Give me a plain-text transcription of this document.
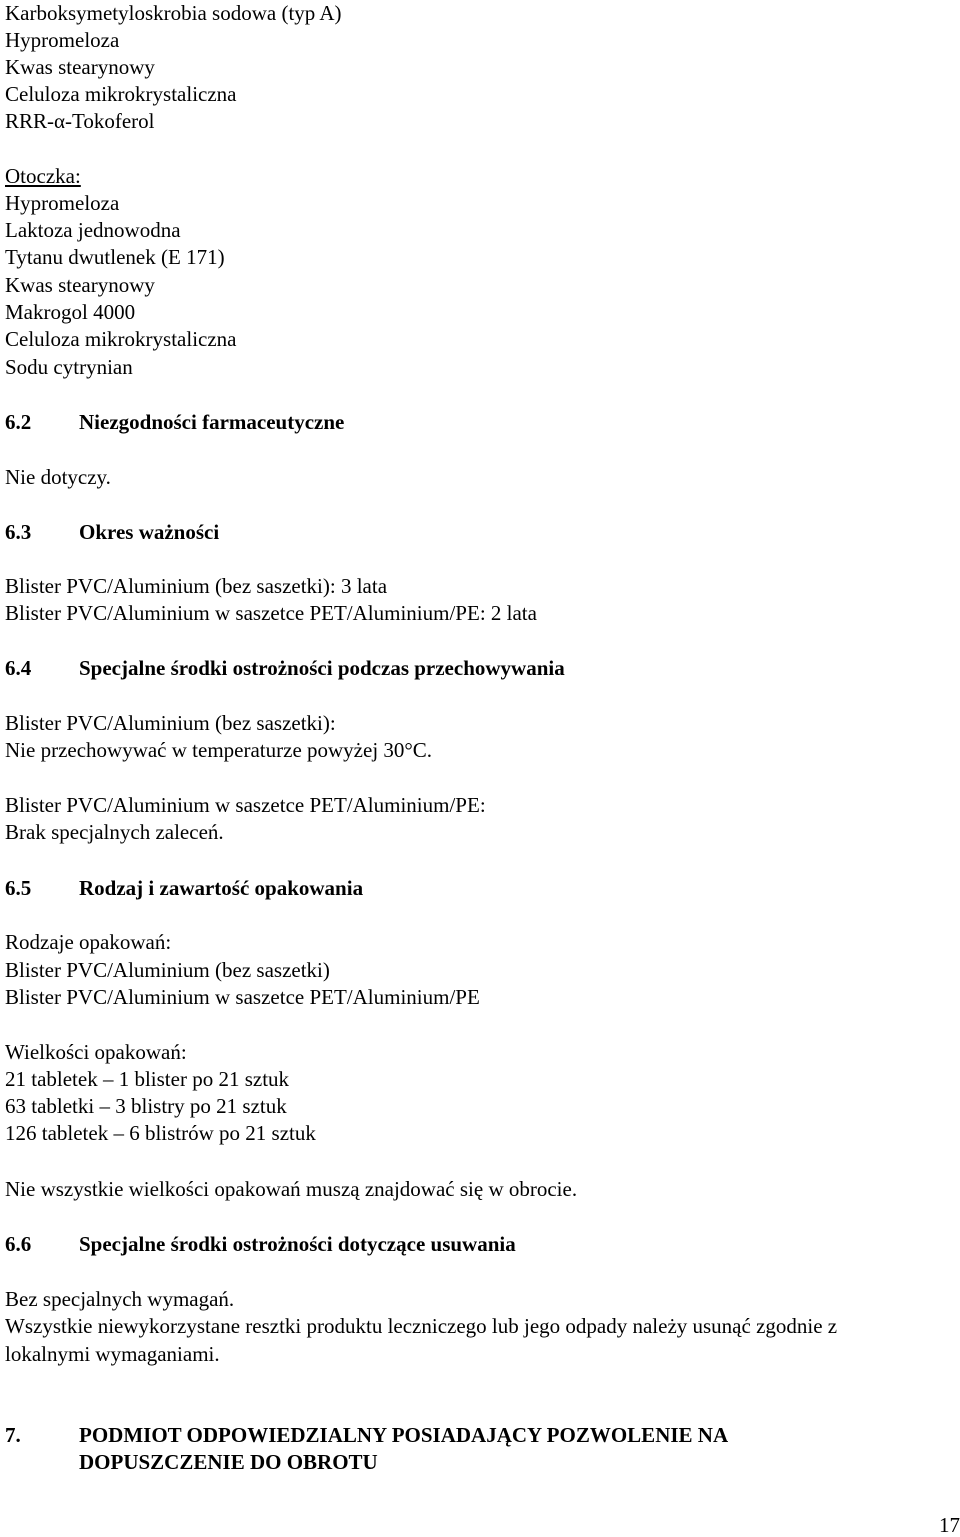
Karboksymetyloskrobia sodowa (typ A)
Hypromeloza
Kwas stearynowy
Celuloza mikrokrystaliczna
RRR-α-Tokoferol
Otoczka:
Hypromeloza
Laktoza jednowodna
Tytanu dwutlenek (E 171)
Kwas stearynowy
Makrogol 4000
Celuloza mikrokrystaliczna
Sodu cytrynian
6.2 Niezgodności farmaceutyczne
Nie dotyczy.
6.3 Okres ważności
Blister PVC/Aluminium (bez saszetki): 3 lata
Blister PVC/Aluminium w saszetce PET/Aluminium/PE: 2 lata
6.4 Specjalne środki ostrożności podczas przechowywania
Blister PVC/Aluminium (bez saszetki):
Nie przechowywać w temperaturze powyżej 30°C.
Blister PVC/Aluminium w saszetce PET/Aluminium/PE:
Brak specjalnych zaleceń.
6.5 Rodzaj i zawartość opakowania
Rodzaje opakowań:
Blister PVC/Aluminium (bez saszetki)
Blister PVC/Aluminium w saszetce PET/Aluminium/PE
Wielkości opakowań:
21 tabletek – 1 blister po 21 sztuk
63 tabletki – 3 blistry po 21 sztuk
126 tabletek – 6 blistrów po 21 sztuk
Nie wszystkie wielkości opakowań muszą znajdować się w obrocie.
6.6 Specjalne środki ostrożności dotyczące usuwania
Bez specjalnych wymagań.
Wszystkie niewykorzystane resztki produktu leczniczego lub jego odpady należy usunąć zgodnie z
lokalnymi wymaganiami.
7.	PODMIOT ODPOWIEDZIALNY POSIADAJĄCY POZWOLENIE NA DOPUSZCZENIE DO OBROTU
17
